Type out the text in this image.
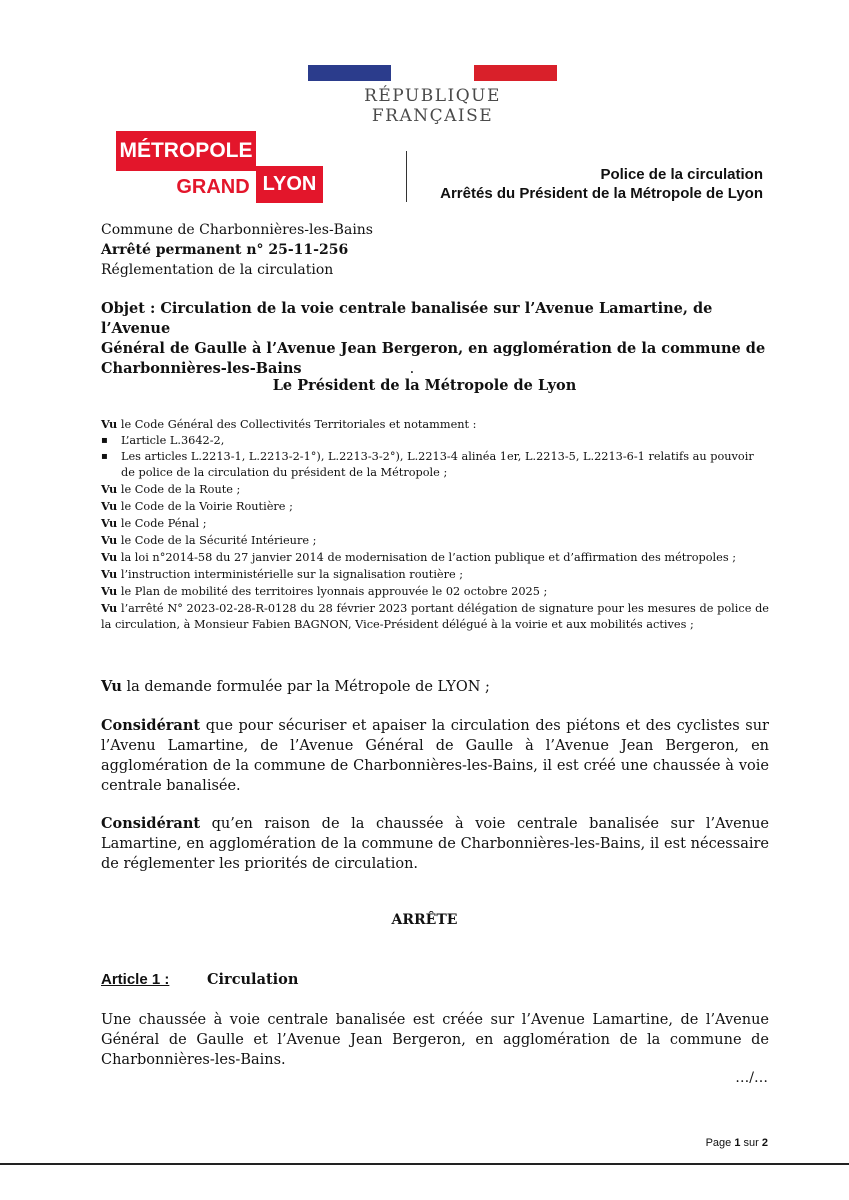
RÉPUBLIQUE FRANÇAISE
MÉTROPOLE
GRAND LYON	Police de la circulation
Arrêtés du Président de la Métropole de Lyon
Commune de Charbonnières-les-Bains
Arrêté permanent n° 25-11-256
Réglementation de la circulation
Objet : Circulation de la voie centrale banalisée sur l’Avenue Lamartine, de l’Avenue
Général de Gaulle à l’Avenue Jean Bergeron, en agglomération de la commune de
Charbonnières-les-Bains	.
Le Président de la Métropole de Lyon

Vu le Code Général des Collectivités Territoriales et notamment :

▪ L’article L.3642-2,

▪ Les articles L.2213-1, L.2213-2-1°), L.2213-3-2°), L.2213-4 alinéa 1er, L.2213-5, L.2213-6-1 relatifs au pouvoir de police de la circulation du président de la Métropole ;

Vu le Code de la Route ;

Vu le Code de la Voirie Routière ;

Vu le Code Pénal ;

Vu le Code de la Sécurité Intérieure ;

Vu la loi n°2014-58 du 27 janvier 2014 de modernisation de l’action publique et d’affirmation des métropoles ;

Vu l’instruction interministérielle sur la signalisation routière ;

Vu le Plan de mobilité des territoires lyonnais approuvée le 02 octobre 2025 ;

Vu l’arrêté N° 2023-02-28-R-0128 du 28 février 2023 portant délégation de signature pour les mesures de police de la circulation, à Monsieur Fabien BAGNON, Vice-Président délégué à la voirie et aux mobilités actives ;

Vu la demande formulée par la Métropole de LYON ;

Considérant que pour sécuriser et apaiser la circulation des piétons et des cyclistes sur l’Avenu Lamartine, de l’Avenue Général de Gaulle à l’Avenue Jean Bergeron, en agglomération de la commune de Charbonnières-les-Bains, il est créé une chaussée à voie centrale banalisée.

Considérant qu’en raison de la chaussée à voie centrale banalisée sur l’Avenue Lamartine, en agglomération de la commune de Charbonnières-les-Bains, il est nécessaire de réglementer les priorités de circulation.

ARRÊTE
Article 1 :	Circulation

Une chaussée à voie centrale banalisée est créée sur l’Avenue Lamartine, de l’Avenue Général de Gaulle et l’Avenue Jean Bergeron, en agglomération de la commune de Charbonnières-les-Bains.

…/…
Page 1 sur 2
